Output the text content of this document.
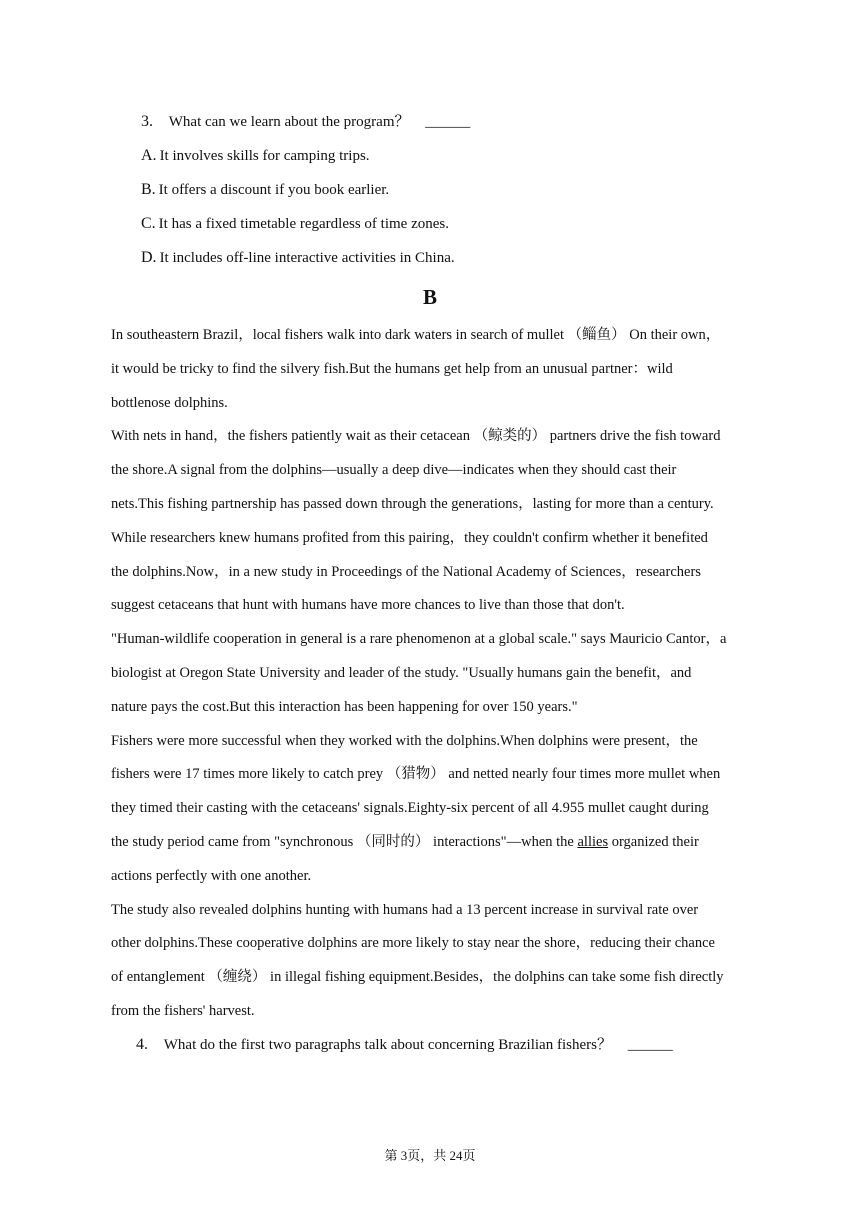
3. What can we learn about the program？ ______
A. It involves skills for camping trips.
B. It offers a discount if you book earlier.
C. It has a fixed timetable regardless of time zones.
D. It includes off-line interactive activities in China.
B
In southeastern Brazil，local fishers walk into dark waters in search of mullet （鲻鱼） On their own，
it would be tricky to find the silvery fish.But the humans get help from an unusual partner：wild
bottlenose dolphins.
With nets in hand，the fishers patiently wait as their cetacean （鲸类的） partners drive the fish toward
the shore.A signal from the dolphins—usually a deep dive—indicates when they should cast their
nets.This fishing partnership has passed down through the generations，lasting for more than a century.
While researchers knew humans profited from this pairing，they couldn't confirm whether it benefited
the dolphins.Now，in a new study in Proceedings of the National Academy of Sciences，researchers
suggest cetaceans that hunt with humans have more chances to live than those that don't.
"Human-wildlife cooperation in general is a rare phenomenon at a global scale." says Mauricio Cantor，a
biologist at Oregon State University and leader of the study. "Usually humans gain the benefit，and
nature pays the cost.But this interaction has been happening for over 150 years."
Fishers were more successful when they worked with the dolphins.When dolphins were present，the
fishers were 17 times more likely to catch prey （猎物） and netted nearly four times more mullet when
they timed their casting with the cetaceans' signals.Eighty-six percent of all 4.955 mullet caught during
the study period came from "synchronous （同时的） interactions"—when the allies organized their
actions perfectly with one another.
The study also revealed dolphins hunting with humans had a 13 percent increase in survival rate over
other dolphins.These cooperative dolphins are more likely to stay near the shore，reducing their chance
of entanglement （缠绕） in illegal fishing equipment.Besides，the dolphins can take some fish directly
from the fishers' harvest.
4. What do the first two paragraphs talk about concerning Brazilian fishers？ ______
第 3页，共 24页
